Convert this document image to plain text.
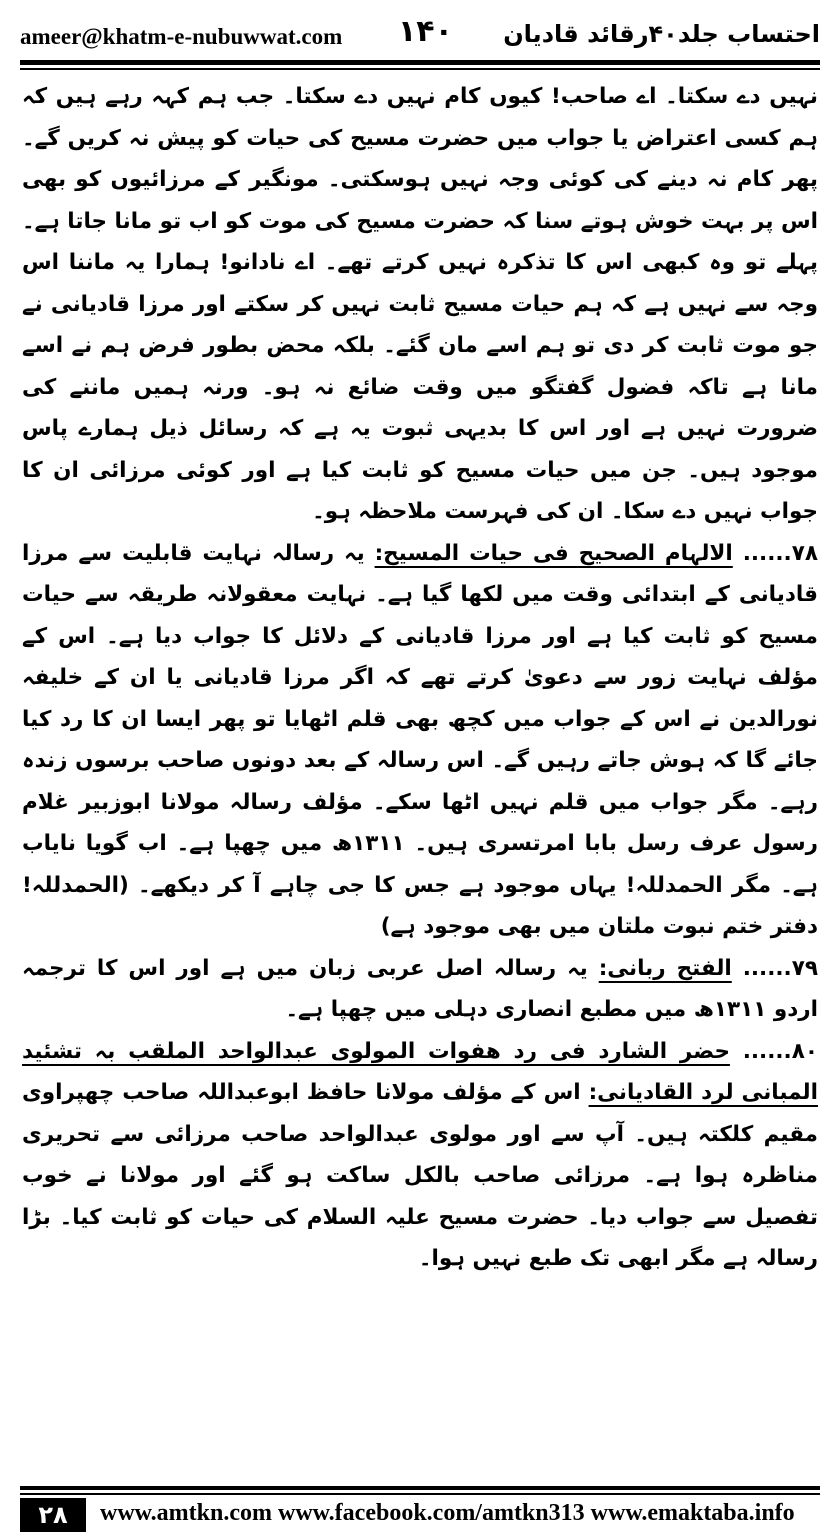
ameer@khatm-e-nubuwwat.com ۱۴۰ احتساب جلد۴۰رقائد قادیان

نہیں دے سکتا۔ اے صاحب! کیوں کام نہیں دے سکتا۔ جب ہم کہہ رہے ہیں کہ ہم کسی اعتراض یا جواب میں حضرت مسیح کی حیات کو پیش نہ کریں گے۔ پھر کام نہ دینے کی کوئی وجہ نہیں ہوسکتی۔ مونگیر کے مرزائیوں کو بھی اس پر بہت خوش ہوتے سنا کہ حضرت مسیح کی موت کو اب تو مانا جاتا ہے۔ پہلے تو وہ کبھی اس کا تذکرہ نہیں کرتے تھے۔ اے نادانو! ہمارا یہ ماننا اس وجہ سے نہیں ہے کہ ہم حیات مسیح ثابت نہیں کر سکتے اور مرزا قادیانی نے جو موت ثابت کر دی تو ہم اسے مان گئے۔ بلکہ محض بطور فرض ہم نے اسے مانا ہے تاکہ فضول گفتگو میں وقت ضائع نہ ہو۔ ورنہ ہمیں ماننے کی ضرورت نہیں ہے اور اس کا بدیہی ثبوت یہ ہے کہ رسائل ذیل ہمارے پاس موجود ہیں۔ جن میں حیات مسیح کو ثابت کیا ہے اور کوئی مرزائی ان کا جواب نہیں دے سکا۔ ان کی فہرست ملاحظہ ہو۔

۷۸...... الالہام الصحیح فی حیات المسیح: یہ رسالہ نہایت قابلیت سے مرزا قادیانی کے ابتدائی وقت میں لکھا گیا ہے۔ نہایت معقولانہ طریقہ سے حیات مسیح کو ثابت کیا ہے اور مرزا قادیانی کے دلائل کا جواب دیا ہے۔ اس کے مؤلف نہایت زور سے دعویٰ کرتے تھے کہ اگر مرزا قادیانی یا ان کے خلیفہ نورالدین نے اس کے جواب میں کچھ بھی قلم اٹھایا تو پھر ایسا ان کا رد کیا جائے گا کہ ہوش جاتے رہیں گے۔ اس رسالہ کے بعد دونوں صاحب برسوں زندہ رہے۔ مگر جواب میں قلم نہیں اٹھا سکے۔ مؤلف رسالہ مولانا ابوزبیر غلام رسول عرف رسل بابا امرتسری ہیں۔ ۱۳۱۱ھ میں چھپا ہے۔ اب گویا نایاب ہے۔ مگر الحمدللہ! یہاں موجود ہے جس کا جی چاہے آ کر دیکھے۔ (الحمدللہ! دفتر ختم نبوت ملتان میں بھی موجود ہے)

۷۹...... الفتح ربانی: یہ رسالہ اصل عربی زبان میں ہے اور اس کا ترجمہ اردو ۱۳۱۱ھ میں مطبع انصاری دہلی میں چھپا ہے۔

۸۰...... حضر الشارد فی رد ھفوات المولوی عبدالواحد الملقب بہ تشئید المبانی لرد القادیانی: اس کے مؤلف مولانا حافظ ابوعبداللہ صاحب چھپراوی مقیم کلکتہ ہیں۔ آپ سے اور مولوی عبدالواحد صاحب مرزائی سے تحریری مناظرہ ہوا ہے۔ مرزائی صاحب بالکل ساکت ہو گئے اور مولانا نے خوب تفصیل سے جواب دیا۔ حضرت مسیح علیہ السلام کی حیات کو ثابت کیا۔ بڑا رسالہ ہے مگر ابھی تک طبع نہیں ہوا۔

۲۸	www.amtkn.com www.facebook.com/amtkn313 www.emaktaba.info
